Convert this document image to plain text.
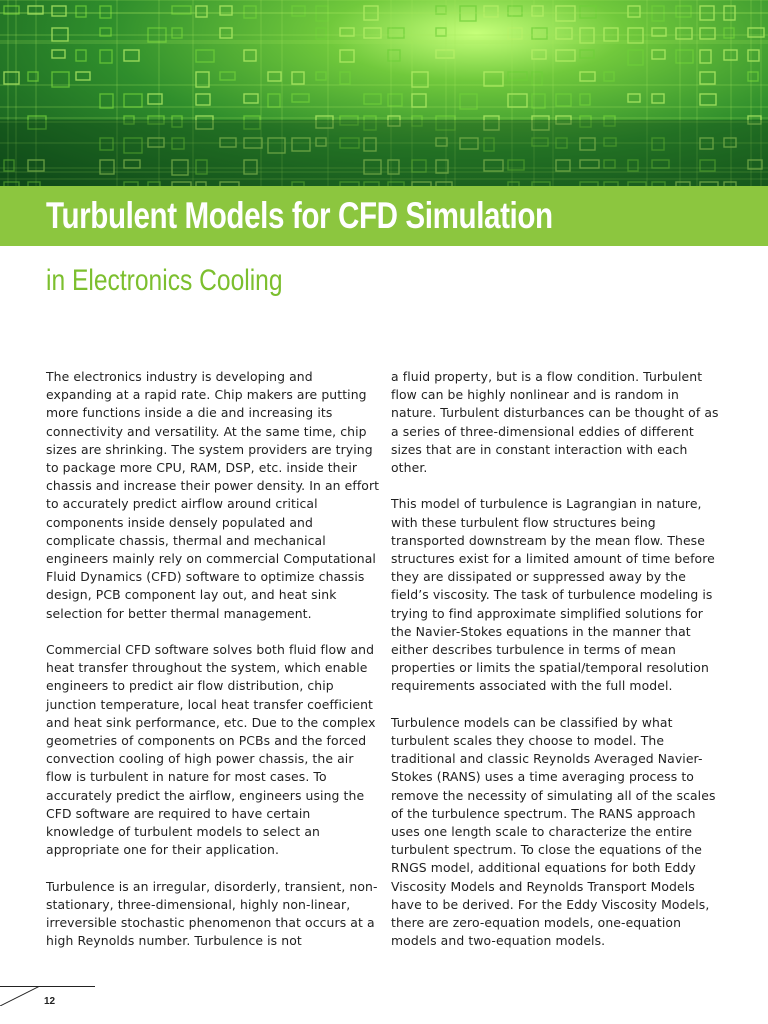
Turbulent Models for CFD Simulation
in Electronics Cooling

The electronics industry is developing and expanding at a rapid rate. Chip makers are putting more functions inside a die and increasing its connectivity and versatility. At the same time, chip sizes are shrinking. The system providers are trying to package more CPU, RAM, DSP, etc. inside their chassis and increase their power density. In an effort to accurately predict airflow around critical components inside densely populated and complicate chassis, thermal and mechanical engineers mainly rely on commercial Computational Fluid Dynamics (CFD) software to optimize chassis design, PCB component lay out, and heat sink selection for better thermal management.

Commercial CFD software solves both fluid flow and heat transfer throughout the system, which enable engineers to predict air flow distribution, chip junction temperature, local heat transfer coefficient and heat sink performance, etc. Due to the complex geometries of components on PCBs and the forced convection cooling of high power chassis, the air flow is turbulent in nature for most cases. To accurately predict the airflow, engineers using the CFD software are required to have certain knowledge of turbulent models to select an appropriate one for their application.

Turbulence is an irregular, disorderly, transient, non-stationary, three-dimensional, highly non-linear, irreversible stochastic phenomenon that occurs at a high Reynolds number. Turbulence is not

a fluid property, but is a flow condition. Turbulent flow can be highly nonlinear and is random in nature. Turbulent disturbances can be thought of as a series of three-dimensional eddies of different sizes that are in constant interaction with each other.

This model of turbulence is Lagrangian in nature, with these turbulent flow structures being transported downstream by the mean flow. These structures exist for a limited amount of time before they are dissipated or suppressed away by the field’s viscosity. The task of turbulence modeling is trying to find approximate simplified solutions for the Navier-Stokes equations in the manner that either describes turbulence in terms of mean properties or limits the spatial/temporal resolution requirements associated with the full model.

Turbulence models can be classified by what turbulent scales they choose to model. The traditional and classic Reynolds Averaged Navier-Stokes (RANS) uses a time averaging process to remove the necessity of simulating all of the scales of the turbulence spectrum. The RANS approach uses one length scale to characterize the entire turbulent spectrum. To close the equations of the RNGS model, additional equations for both Eddy Viscosity Models and Reynolds Transport Models have to be derived. For the Eddy Viscosity Models, there are zero-equation models, one-equation models and two-equation models.

12
